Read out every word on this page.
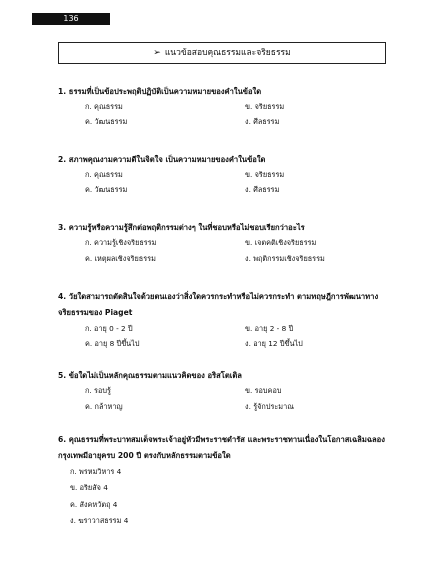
136
➢ แนวข้อสอบคุณธรรมและจริยธรรม
1. ธรรมที่เป็นข้อประพฤติปฏิบัติเป็นความหมายของคำในข้อใด
ก. คุณธรรม	ข. จริยธรรม
ค. วัฒนธรรม	ง. ศีลธรรม
2. สภาพคุณงามความดีในจิตใจ เป็นความหมายของคำในข้อใด
ก. คุณธรรม	ข. จริยธรรม
ค. วัฒนธรรม	ง. ศีลธรรม
3. ความรู้หรือความรู้สึกต่อพฤติกรรมต่างๆ ในที่ชอบหรือไม่ชอบเรียกว่าอะไร
ก. ความรู้เชิงจริยธรรม	ข. เจตคติเชิงจริยธรรม
ค. เหตุผลเชิงจริยธรรม	ง. พฤติกรรมเชิงจริยธรรม
4. วัยใดสามารถตัดสินใจด้วยตนเองว่าสิ่งใดควรกระทำหรือไม่ควรกระทำ ตามทฤษฎีการพัฒนาทาง
จริยธรรมของ Piaget
ก. อายุ 0 - 2 ปี	ข. อายุ 2 - 8 ปี
ค. อายุ 8 ปีขึ้นไป	ง. อายุ 12 ปีขึ้นไป
5. ข้อใดไม่เป็นหลักคุณธรรมตามแนวคิดของ อริสโตเติล
ก. รอบรู้	ข. รอบคอบ
ค. กล้าหาญ	ง. รู้จักประมาณ
6. คุณธรรมที่พระบาทสมเด็จพระเจ้าอยู่หัวมีพระราชดำรัส และพระราชทานเนื่องในโอกาสเฉลิมฉลอง
กรุงเทพมีอายุครบ 200 ปี ตรงกับหลักธรรมตามข้อใด
ก. พรหมวิหาร 4
ข. อริยสัจ 4
ค. สังคหวัตถุ 4
ง. ฆราวาสธรรม 4
